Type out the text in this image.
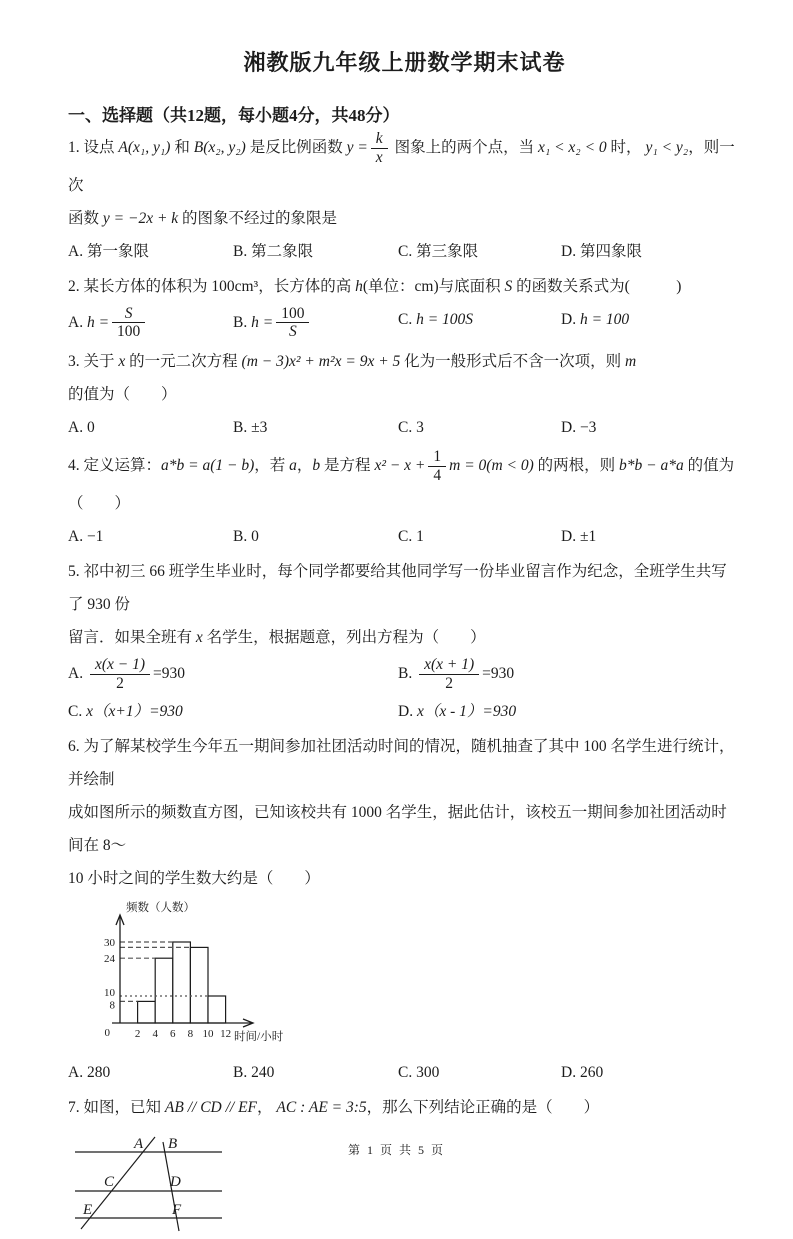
湘教版九年级上册数学期末试卷
一、选择题（共12题，每小题4分，共48分）
1. 设点 A(x₁, y₁) 和 B(x₂, y₂) 是反比例函数 $y = \frac{k}{x}$ 图象上的两个点，当 x₁ < x₂ < 0 时， y₁ < y₂，则一次
函数 y = −2x + k 的图象不经过的象限是
A. 第一象限	B. 第二象限	C. 第三象限	D. 第四象限
2. 某长方体的体积为 100cm³，长方体的高 h(单位：cm)与底面积 S 的函数关系式为(　　　)
A. $h = \frac{S}{100}$	B. $h = \frac{100}{S}$	C. h = 100S	D. h = 100
3. 关于 x 的一元二次方程 (m − 3)x² + m²x = 9x + 5 化为一般形式后不含一次项，则 m 的值为（　　）
A. 0	B. ±3	C. 3	D. −3
4. 定义运算：a*b = a(1 − b)，若 a，b 是方程 $x^2 - x + \frac{1}{4}$ m = 0(m < 0) 的两根，则 b*b − a*a 的值为（　　）
A. −1	B. 0	C. 1	D. ±1
5. 祁中初三 66 班学生毕业时，每个同学都要给其他同学写一份毕业留言作为纪念，全班学生共写了 930 份
留言．如果全班有 x 名学生，根据题意，列出方程为（　　）
A. $\frac{x(x - 1)}{2} =930$	B. $\frac{x(x + 1)}{2} =930$
C. x（x+1）=930	D. x（x - 1）=930
6. 为了解某校学生今年五一期间参加社团活动时间的情况，随机抽查了其中 100 名学生进行统计，并绘制
成如图所示的频数直方图，已知该校共有 1000 名学生，据此估计，该校五一期间参加社团活动时间在 8～
10 小时之间的学生数大约是（　　）
2 4 6 8 10 12
0
30
24
10
8
频数（人数）
时间/小时
A. 280	B. 240	C. 300	D. 260
7. 如图，已知 AB // CD // EF， AC : AE = 3:5，那么下列结论正确的是（　　）
A B
C	D
E	F
第 1 页 共 5 页
